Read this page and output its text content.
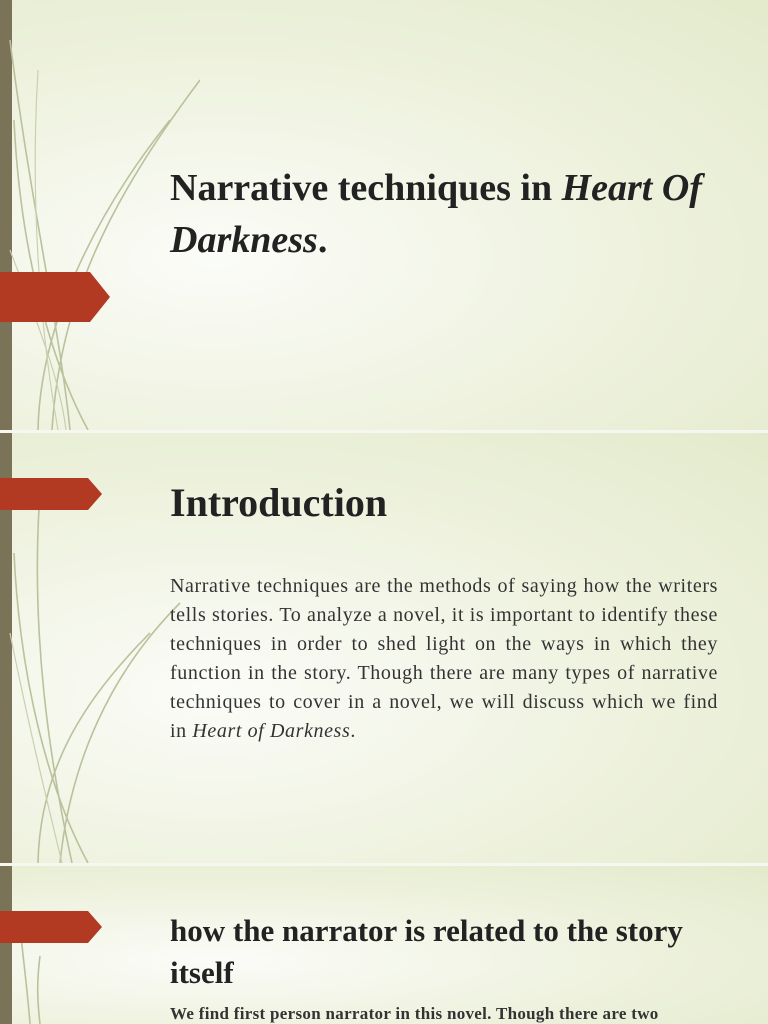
Narrative techniques in Heart Of Darkness.
Introduction

Narrative techniques are the methods of saying how the writers tells stories. To analyze a novel, it is important to identify these techniques in order to shed light on the ways in which they function in the story. Though there are many types of narrative techniques to cover in a novel, we will discuss which we find in Heart of Darkness.

how the narrator is related to the story itself

We find first person narrator in this novel. Though there are two
